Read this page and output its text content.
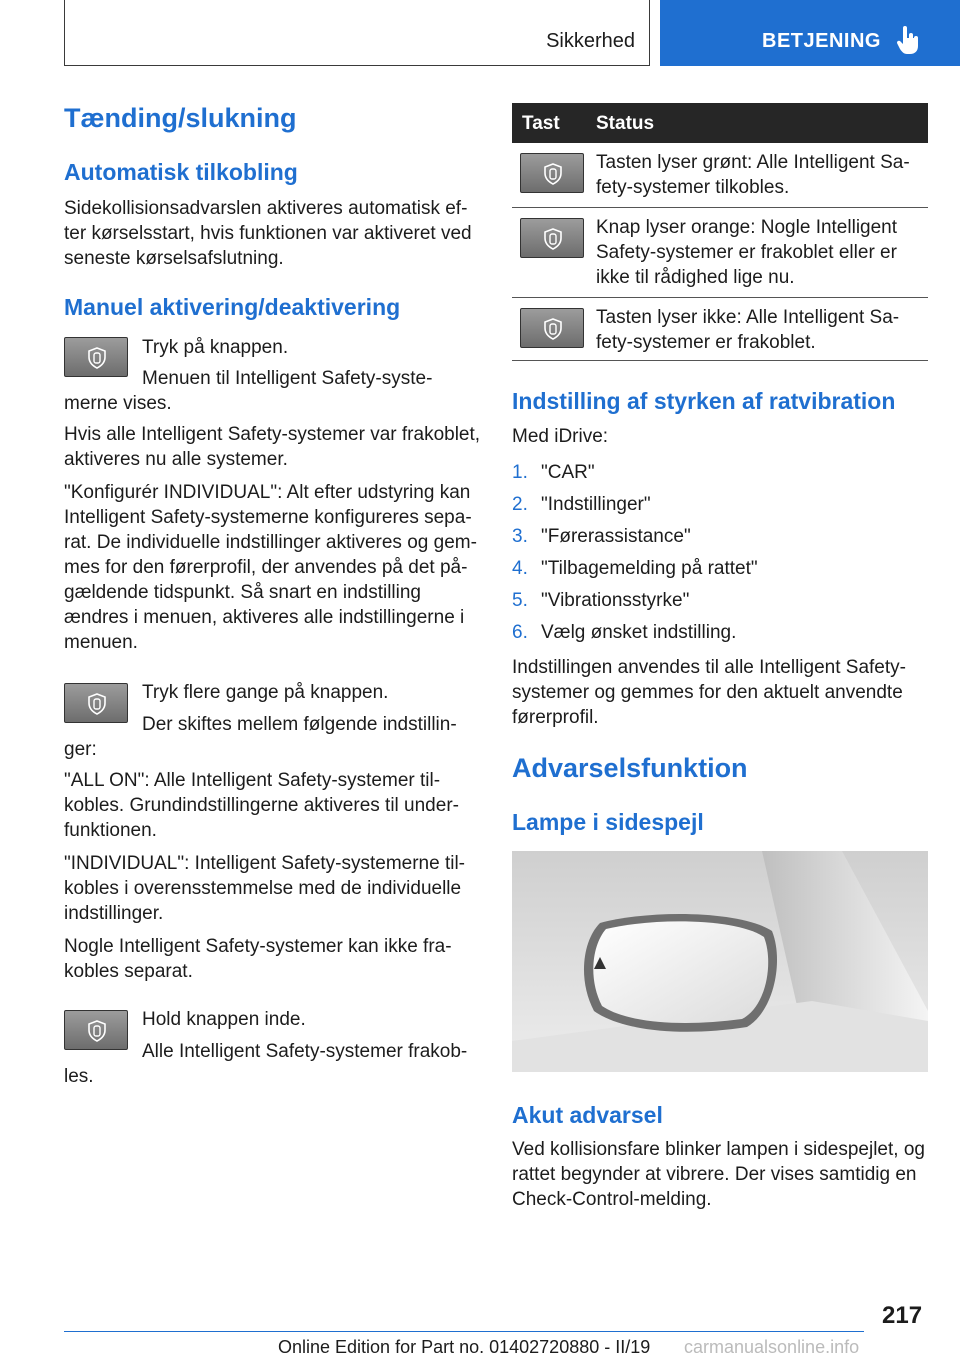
Sikkerhed	BETJENING
Tænding/slukning
Automatisk tilkobling
Sidekollisionsadvarslen aktiveres automatisk ef-
ter kørselsstart, hvis funktionen var aktiveret ved
seneste kørselsafslutning.
Manuel aktivering/deaktivering
Tryk på knappen.
Menuen til Intelligent Safety-syste-
merne vises.
Hvis alle Intelligent Safety-systemer var frakoblet,
aktiveres nu alle systemer.
"Konfigurér INDIVIDUAL": Alt efter udstyring kan
Intelligent Safety-systemerne konfigureres sepa-
rat. De individuelle indstillinger aktiveres og gem-
mes for den førerprofil, der anvendes på det på-
gældende tidspunkt. Så snart en indstilling
ændres i menuen, aktiveres alle indstillingerne i
menuen.
Tryk flere gange på knappen.
Der skiftes mellem følgende indstillin-
ger:
"ALL ON": Alle Intelligent Safety-systemer til-
kobles. Grundindstillingerne aktiveres til under-
funktionen.
"INDIVIDUAL": Intelligent Safety-systemerne til-
kobles i overensstemmelse med de individuelle
indstillinger.
Nogle Intelligent Safety-systemer kan ikke fra-
kobles separat.
Hold knappen inde.
Alle Intelligent Safety-systemer frakob-
les.
Tast Status
Tasten lyser grønt: Alle Intelligent Sa-
fety-systemer tilkobles.
Knap lyser orange: Nogle Intelligent
Safety-systemer er frakoblet eller er
ikke til rådighed lige nu.
Tasten lyser ikke: Alle Intelligent Sa-
fety-systemer er frakoblet.
Indstilling af styrken af ratvibration
Med iDrive:
1. "CAR"
2. "Indstillinger"
3. "Førerassistance"
4. "Tilbagemelding på rattet"
5. "Vibrationsstyrke"
6. Vælg ønsket indstilling.
Indstillingen anvendes til alle Intelligent Safety-
systemer og gemmes for den aktuelt anvendte
førerprofil.
Advarselsfunktion
Lampe i sidespejl
Akut advarsel
Ved kollisionsfare blinker lampen i sidespejlet, og
rattet begynder at vibrere. Der vises samtidig en
Check-Control-melding.
217
Online Edition for Part no. 01402720880 - II/19 carmanualsonline.info
